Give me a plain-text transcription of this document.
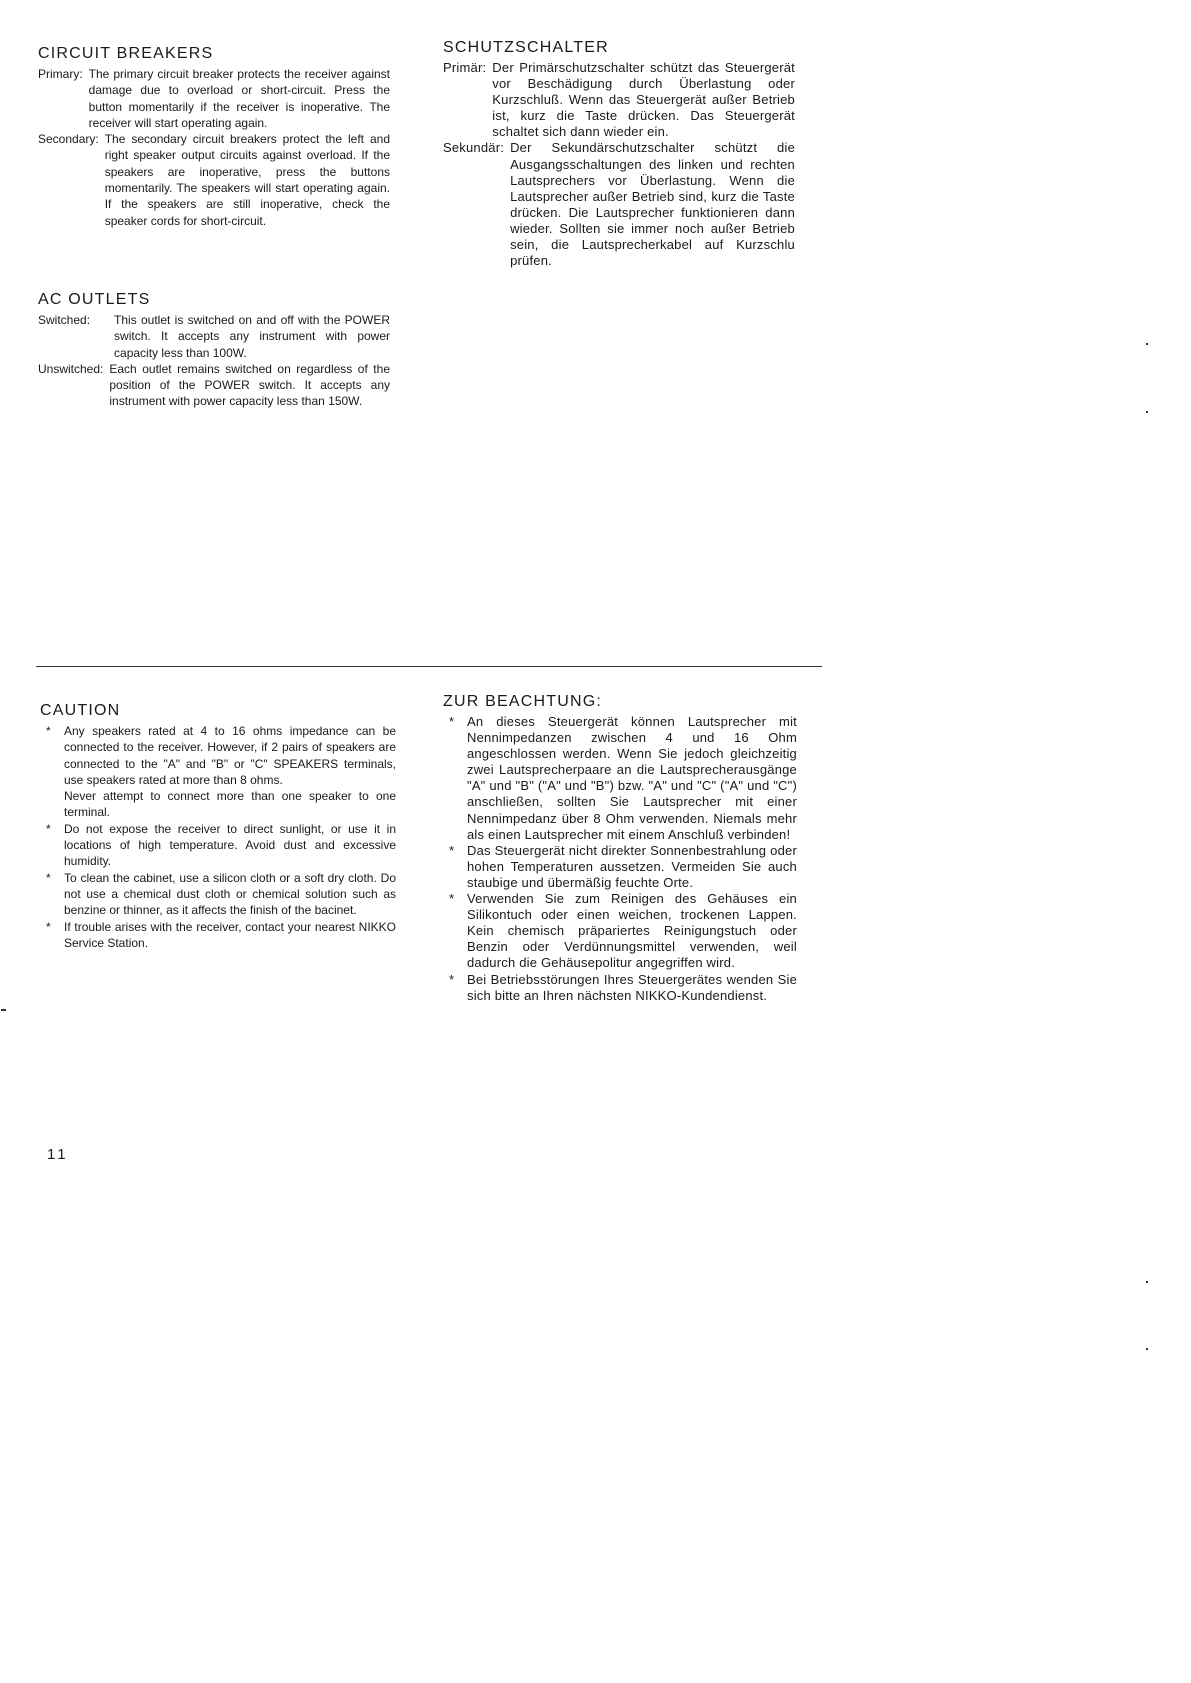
CIRCUIT BREAKERS
Primary: The primary circuit breaker protects the receiver against damage due to overload or short-circuit. Press the button momentarily if the receiver is inoperative. The receiver will start operating again.
Secondary: The secondary circuit breakers protect the left and right speaker output circuits against overload. If the speakers are inoperative, press the buttons momentarily. The speakers will start operating again. If the speakers are still inoperative, check the speaker cords for short-circuit.
AC OUTLETS
Switched: This outlet is switched on and off with the POWER switch. It accepts any instrument with power capacity less than 100W.
Unswitched: Each outlet remains switched on regardless of the position of the POWER switch. It accepts any instrument with power capacity less than 150W.
SCHUTZSCHALTER
Primär: Der Primärschutzschalter schützt das Steuergerät vor Beschädigung durch Überlastung oder Kurzschluß. Wenn das Steuergerät außer Betrieb ist, kurz die Taste drücken. Das Steuergerät schaltet sich dann wieder ein.
Sekundär: Der Sekundärschutzschalter schützt die Ausgangsschaltungen des linken und rechten Lautsprechers vor Überlastung. Wenn die Lautsprecher außer Betrieb sind, kurz die Taste drücken. Die Lautsprecher funktionieren dann wieder. Sollten sie immer noch außer Betrieb sein, die Lautsprecherkabel auf Kurzschlu prüfen.
CAUTION
*	Any speakers rated at 4 to 16 ohms impedance can be connected to the receiver. However, if 2 pairs of speakers are connected to the "A" and "B" or "C" SPEAKERS terminals, use speakers rated at more than 8 ohms.
Never attempt to connect more than one speaker to one terminal.
*	Do not expose the receiver to direct sunlight, or use it in locations of high temperature. Avoid dust and excessive humidity.
*	To clean the cabinet, use a silicon cloth or a soft dry cloth. Do not use a chemical dust cloth or chemical solution such as benzine or thinner, as it affects the finish of the bacinet.
*	If trouble arises with the receiver, contact your nearest NIKKO Service Station.
ZUR BEACHTUNG:
* An dieses Steuergerät können Lautsprecher mit Nennimpedanzen zwischen 4 und 16 Ohm angeschlossen werden. Wenn Sie jedoch gleichzeitig zwei Lautsprecherpaare an die Lautsprecherausgänge "A" und "B" ("A" und "B") bzw. "A" und "C" ("A" und "C") anschließen, sollten Sie Lautsprecher mit einer Nennimpedanz über 8 Ohm verwenden. Niemals mehr als einen Lautsprecher mit einem Anschluß verbinden!
* Das Steuergerät nicht direkter Sonnenbestrahlung oder hohen Temperaturen aussetzen. Vermeiden Sie auch staubige und übermäßig feuchte Orte.
* Verwenden Sie zum Reinigen des Gehäuses ein Silikontuch oder einen weichen, trockenen Lappen. Kein chemisch präpariertes Reinigungstuch oder Benzin oder Verdünnungsmittel verwenden, weil dadurch die Gehäusepolitur angegriffen wird.
* Bei Betriebsstörungen Ihres Steuergerätes wenden Sie sich bitte an Ihren nächsten NIKKO-Kundendienst.
11
